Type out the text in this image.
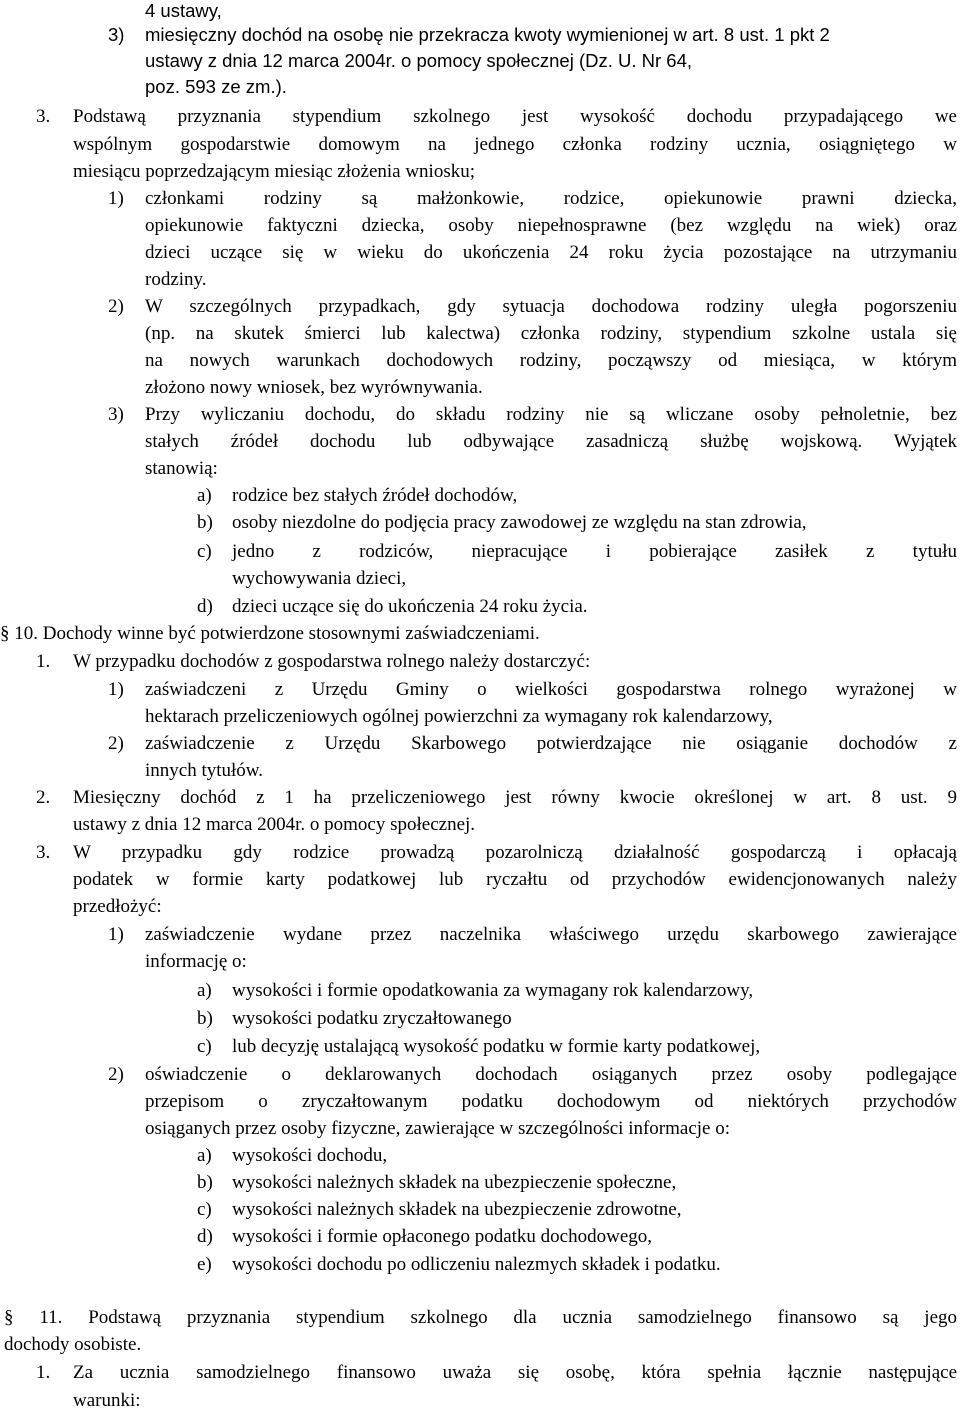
4 ustawy,
3) miesięczny dochód na osobę nie przekracza kwoty wymienionej w art. 8 ust. 1 pkt 2
ustawy z dnia 12 marca 2004r. o pomocy społecznej (Dz. U. Nr 64,
poz. 593 ze zm.).
3. Podstawą przyznania stypendium szkolnego jest wysokość dochodu przypadającego we
wspólnym gospodarstwie domowym na jednego członka rodziny ucznia, osiągniętego w
miesiącu poprzedzającym miesiąc złożenia wniosku;
1) członkami rodziny są małżonkowie, rodzice, opiekunowie prawni dziecka,
opiekunowie faktyczni dziecka, osoby niepełnosprawne (bez względu na wiek) oraz
dzieci uczące się w wieku do ukończenia 24 roku życia pozostające na utrzymaniu
rodziny.
2) W szczególnych przypadkach, gdy sytuacja dochodowa rodziny uległa pogorszeniu
(np. na skutek śmierci lub kalectwa) członka rodziny, stypendium szkolne ustala się
na nowych warunkach dochodowych rodziny, począwszy od miesiąca, w którym
złożono nowy wniosek, bez wyrównywania.
3) Przy wyliczaniu dochodu, do składu rodziny nie są wliczane osoby pełnoletnie, bez
stałych źródeł dochodu lub odbywające zasadniczą służbę wojskową. Wyjątek
stanowią:
a) rodzice bez stałych źródeł dochodów,
b) osoby niezdolne do podjęcia pracy zawodowej ze względu na stan zdrowia,
c) jedno z rodziców, niepracujące i pobierające zasiłek z tytułu
wychowywania dzieci,
d) dzieci uczące się do ukończenia 24 roku życia.
§ 10. Dochody winne być potwierdzone stosownymi zaświadczeniami.
1. W przypadku dochodów z gospodarstwa rolnego należy dostarczyć:
1) zaświadczeni z Urzędu Gminy o wielkości gospodarstwa rolnego wyrażonej w
hektarach przeliczeniowych ogólnej powierzchni za wymagany rok kalendarzowy,
2) zaświadczenie z Urzędu Skarbowego potwierdzające nie osiąganie dochodów z
innych tytułów.
2. Miesięczny dochód z 1 ha przeliczeniowego jest równy kwocie określonej w art. 8 ust. 9
ustawy z dnia 12 marca 2004r. o pomocy społecznej.
3. W przypadku gdy rodzice prowadzą pozarolniczą działalność gospodarczą i opłacają
podatek w formie karty podatkowej lub ryczałtu od przychodów ewidencjonowanych należy
przedłożyć:
1) zaświadczenie wydane przez naczelnika właściwego urzędu skarbowego zawierające
informację o:
a) wysokości i formie opodatkowania za wymagany rok kalendarzowy,
b) wysokości podatku zryczałtowanego
c) lub decyzję ustalającą wysokość podatku w formie karty podatkowej,
2) oświadczenie o deklarowanych dochodach osiąganych przez osoby podlegające
przepisom o zryczałtowanym podatku dochodowym od niektórych przychodów
osiąganych przez osoby fizyczne, zawierające w szczególności informacje o:
a) wysokości dochodu,
b) wysokości należnych składek na ubezpieczenie społeczne,
c) wysokości należnych składek na ubezpieczenie zdrowotne,
d) wysokości i formie opłaconego podatku dochodowego,
e) wysokości dochodu po odliczeniu nalezmych składek i podatku.
§ 11. Podstawą przyznania stypendium szkolnego dla ucznia samodzielnego finansowo są jego
dochody osobiste.
1. Za ucznia samodzielnego finansowo uważa się osobę, która spełnia łącznie następujące
warunki:
